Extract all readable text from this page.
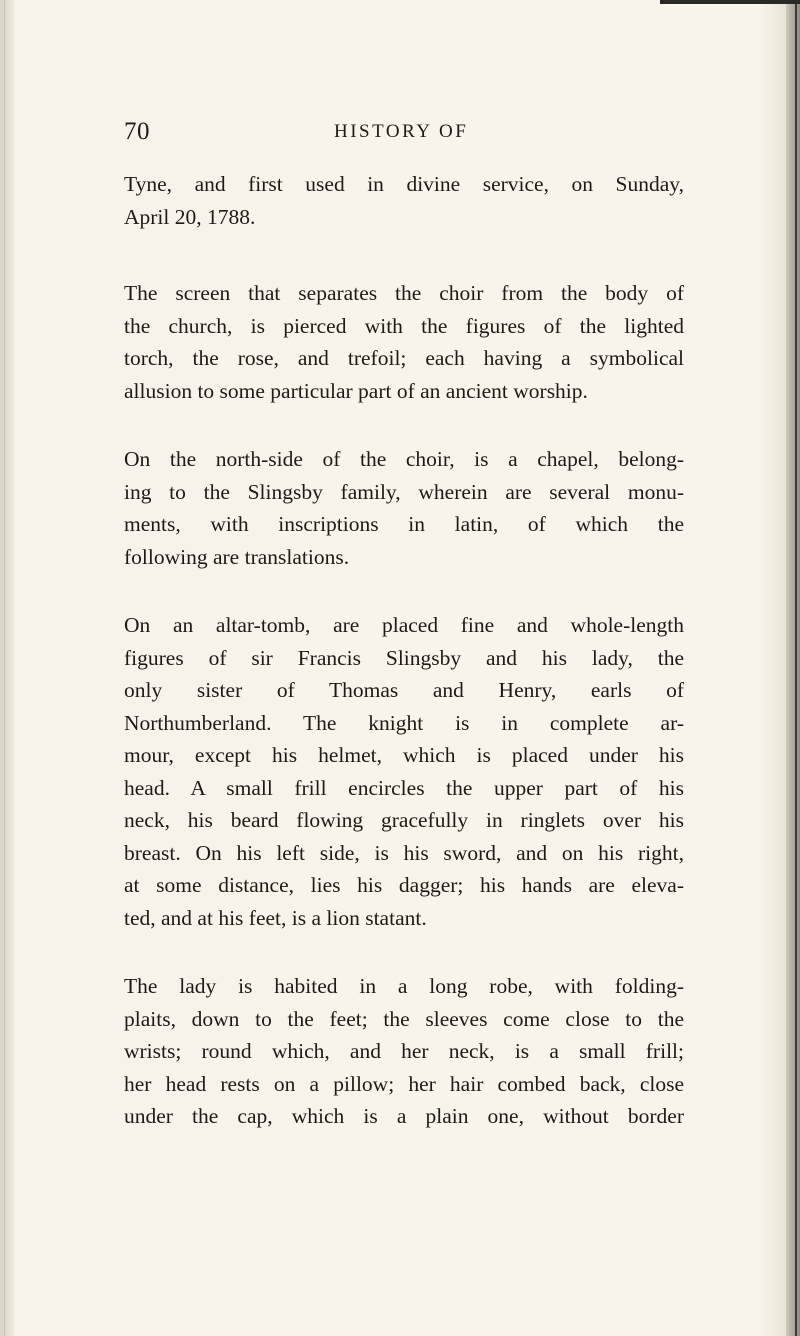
70	HISTORY OF

Tyne, and first used in divine service, on Sunday,
April 20, 1788.

The screen that separates the choir from the body of
the church, is pierced with the figures of the lighted
torch, the rose, and trefoil; each having a symbolical
allusion to some particular part of an ancient worship.

On the north-side of the choir, is a chapel, belong-
ing to the Slingsby family, wherein are several monu-
ments, with inscriptions in latin, of which the
following are translations.

On an altar-tomb, are placed fine and whole-length
figures of sir Francis Slingsby and his lady, the
only sister of Thomas and Henry, earls of
Northumberland. The knight is in complete ar-
mour, except his helmet, which is placed under his
head. A small frill encircles the upper part of his
neck, his beard flowing gracefully in ringlets over his
breast. On his left side, is his sword, and on his right,
at some distance, lies his dagger; his hands are eleva-
ted, and at his feet, is a lion statant.

The lady is habited in a long robe, with folding-
plaits, down to the feet; the sleeves come close to the
wrists; round which, and her neck, is a small frill;
her head rests on a pillow; her hair combed back, close
under the cap, which is a plain one, without border
